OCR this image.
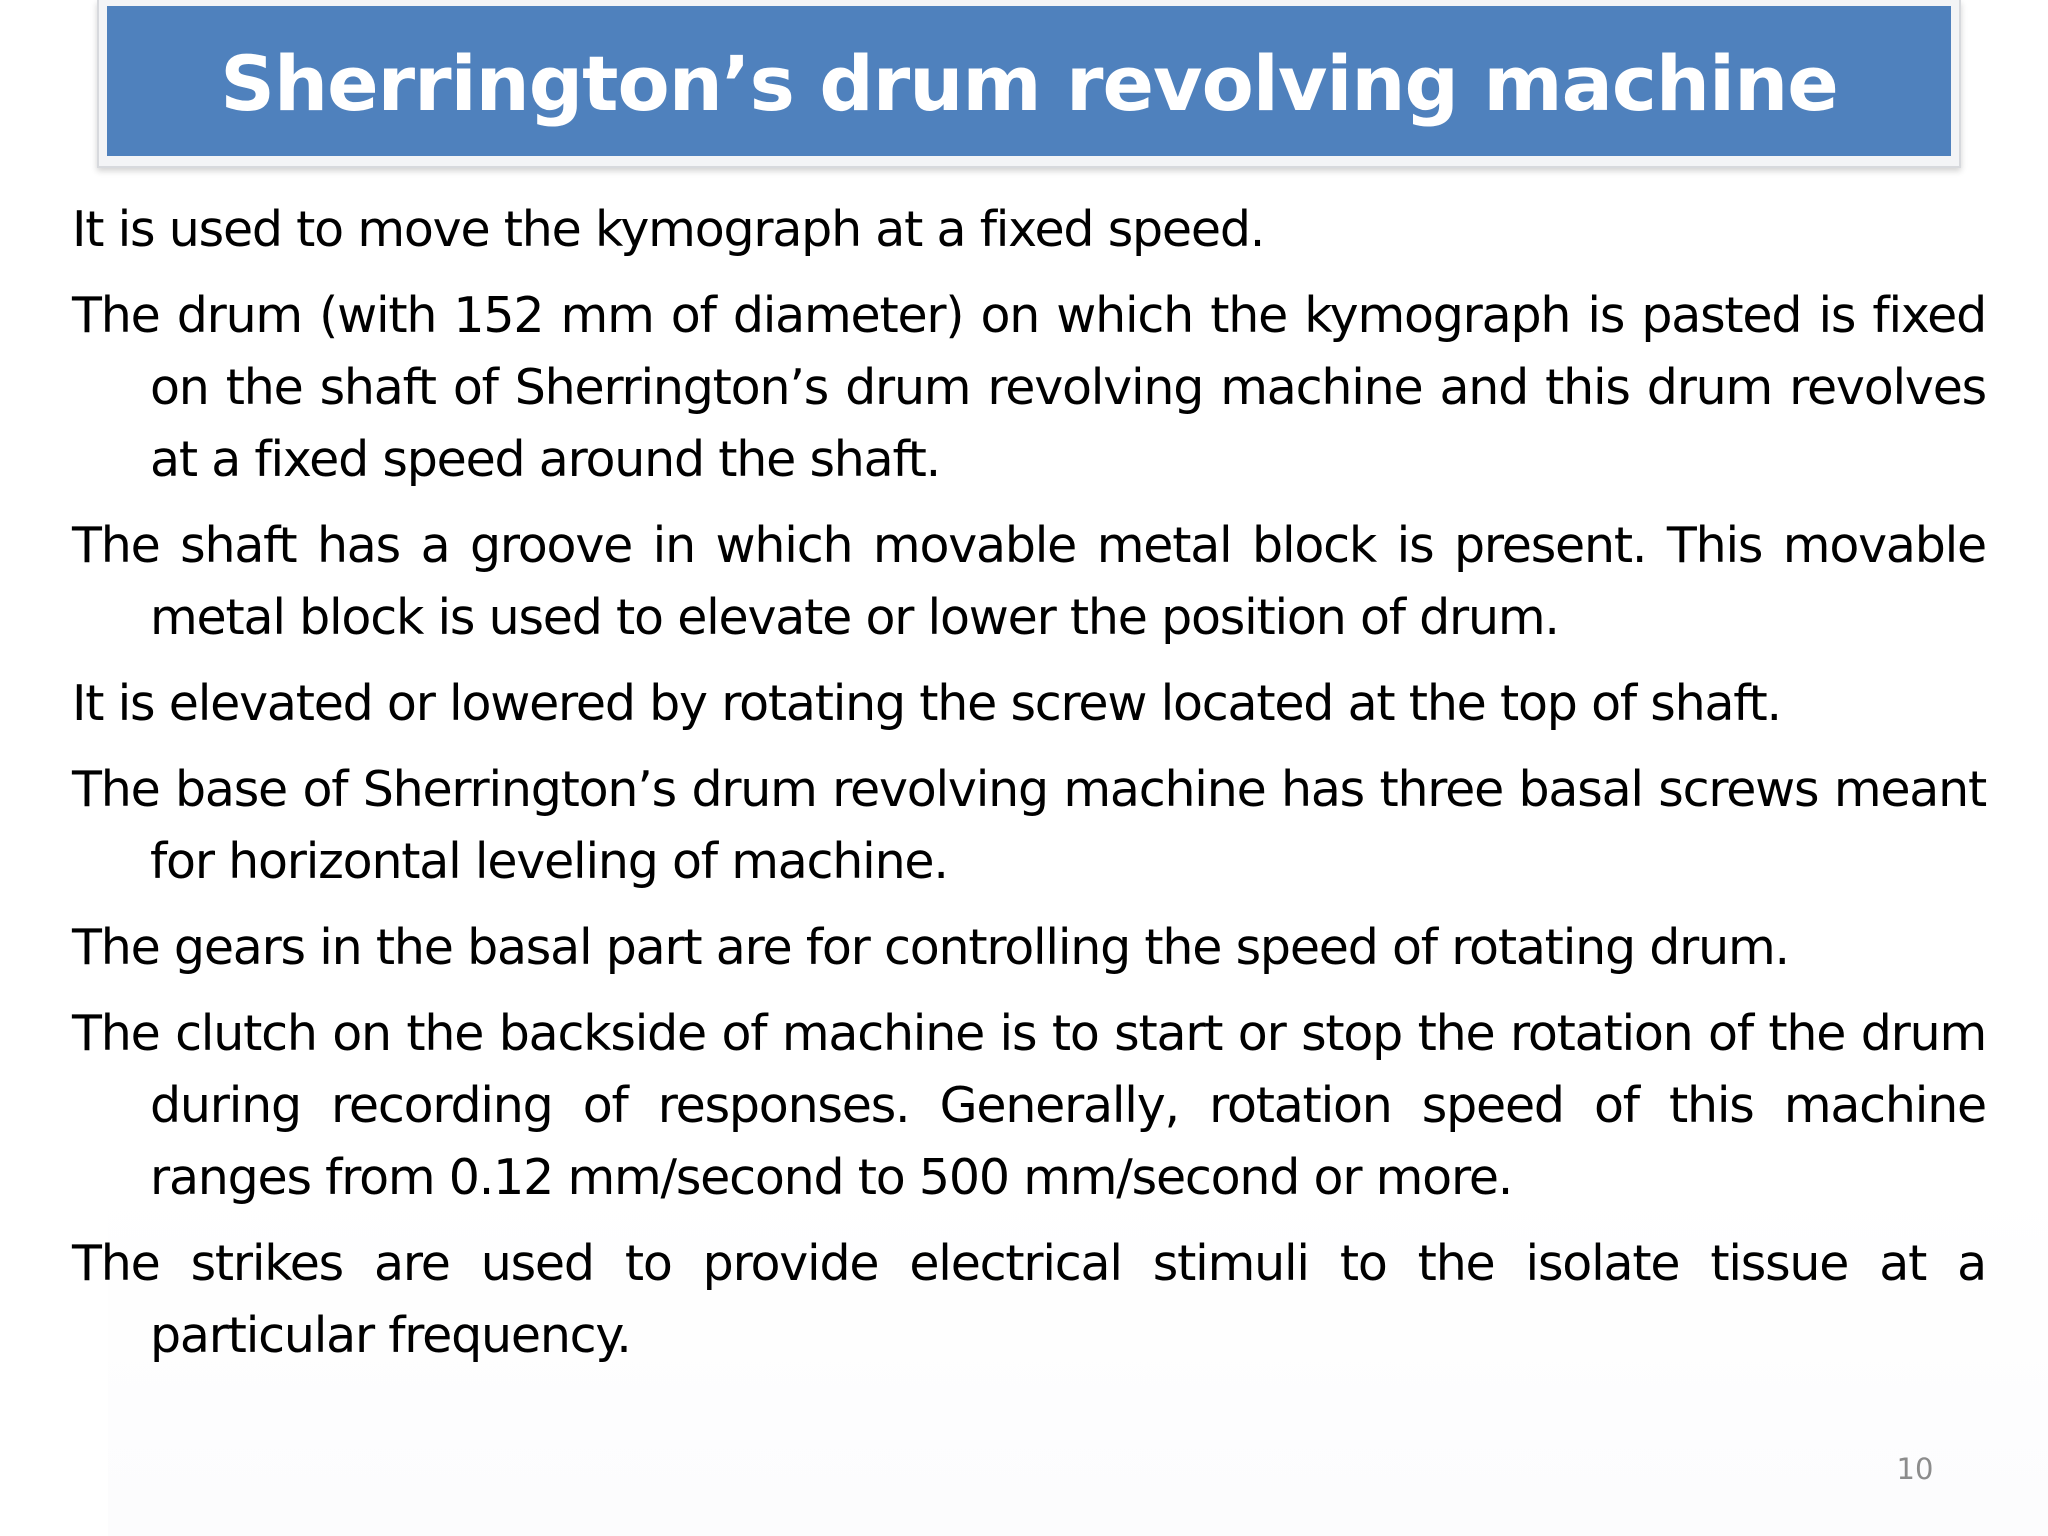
Sherrington’s drum revolving machine

It is used to move the kymograph at a fixed speed.

The drum (with 152 mm of diameter) on which the kymograph is pasted is fixed on the shaft of Sherrington’s drum revolving machine and this drum revolves at a fixed speed around the shaft.

The shaft has a groove in which movable metal block is present. This movable metal block is used to elevate or lower the position of drum.

It is elevated or lowered by rotating the screw located at the top of shaft.

The base of Sherrington’s drum revolving machine has three basal screws meant for horizontal leveling of machine.

The gears in the basal part are for controlling the speed of rotating drum.

The clutch on the backside of machine is to start or stop the rotation of the drum during recording of responses. Generally, rotation speed of this machine ranges from 0.12 mm/second to 500 mm/second or more.

The strikes are used to provide electrical stimuli to the isolate tissue at a particular frequency.

10
